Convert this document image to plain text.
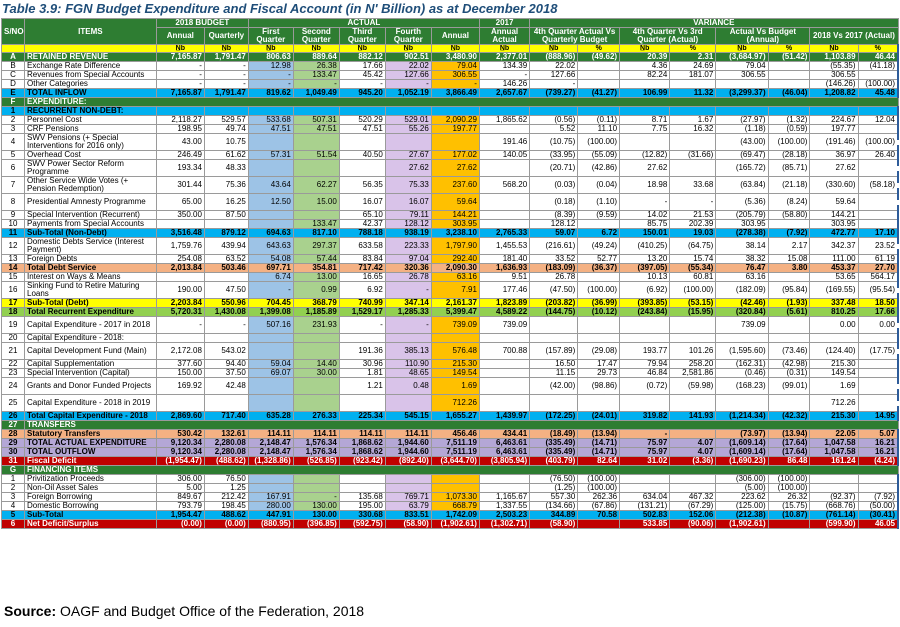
Table 3.9: FGN Budget Expenditure and Fiscal Account (in N' Billion) as at December 2018
S/NO	ITEMS	2018 BUDGET		ACTUAL					2017	VARIANCE							
		Annual	Quarterly	First Quarter	Second Quarter	Third Quarter	Fourth Quarter	Annual	Annual Actual	4th Quarter Actual Vs Quarterly Budget		4th Quarter Vs 3rd Quarter (Actual)		Actual Vs Budget (Annual)		2018 Vs 2017 (Actual)	
		N̲b	N̲b	N̲b	N̲b	N̲b	N̲b	N̲b	N̲b	N̲b	%	N̲b	%	N̲b	%	N̲b	%
A	RETAINED REVENUE	7,165.87	1,791.47	806.63	889.64	882.12	902.51	3,480.90	2,377.01	(888.96)	(49.62)	20.39	2.31	(3,684.97)	(51.42)	1,103.89	46.44
B	Exchange Rate Difference	-	-	12.98	26.38	17.66	22.02	79.04	134.39	22.02		4.36	24.69	79.04		(55.35)	(41.18)
C	Revenues from Special Accounts	-	-	-	133.47	45.42	127.66	306.55	-	127.66		82.24	181.07	306.55		306.55	
D	Other Categories	-	-	-	-	-	-	-	146.26	-						(146.26)	(100.00)
E	TOTAL INFLOW	7,165.87	1,791.47	819.62	1,049.49	945.20	1,052.19	3,866.49	2,657.67	(739.27)	(41.27)	106.99	11.32	(3,299.37)	(46.04)	1,208.82	45.48
F	EXPENDITURE:																
1	RECURRENT NON-DEBT:																
2	Personnel Cost	2,118.27	529.57	533.68	507.31	520.29	529.01	2,090.29	1,865.62	(0.56)	(0.11)	8.71	1.67	(27.97)	(1.32)	224.67	12.04
3	CRF Pensions	198.95	49.74	47.51	47.51	47.51	55.26	197.77		5.52	11.10	7.75	16.32	(1.18)	(0.59)	197.77	
4	SWV Pensions (+ Special Interventions for 2016 only)	43.00	10.75						191.46	(10.75)	(100.00)			(43.00)	(100.00)	(191.46)	(100.00)
5	Overhead Cost	246.49	61.62	57.31	51.54	40.50	27.67	177.02	140.05	(33.95)	(55.09)	(12.82)	(31.66)	(69.47)	(28.18)	36.97	26.40
6	SWV Power Sector Reform Programme	193.34	48.33				27.62	27.62		(20.71)	(42.86)	27.62		(165.72)	(85.71)	27.62	
7	Other Service Wide Votes (+ Pension Redemption)	301.44	75.36	43.64	62.27	56.35	75.33	237.60	568.20	(0.03)	(0.04)	18.98	33.68	(63.84)	(21.18)	(330.60)	(58.18)
8	Presidential Amnesty Programme	65.00	16.25	12.50	15.00	16.07	16.07	59.64		(0.18)	(1.10)	-	-	(5.36)	(8.24)	59.64	
9	Special Intervention (Recurrent)	350.00	87.50			65.10	79.11	144.21		(8.39)	(9.59)	14.02	21.53	(205.79)	(58.80)	144.21	
10	Payments from Special Accounts				133.47	42.37	128.12	303.95		128.12		85.75	202.39	303.95		303.95	
11	Sub-Total (Non-Debt)	3,516.48	879.12	694.63	817.10	788.18	938.19	3,238.10	2,765.33	59.07	6.72	150.01	19.03	(278.38)	(7.92)	472.77	17.10
12	Domestic Debts Service (Interest Payment)	1,759.76	439.94	643.63	297.37	633.58	223.33	1,797.90	1,455.53	(216.61)	(49.24)	(410.25)	(64.75)	38.14	2.17	342.37	23.52
13	Foreign Debts	254.08	63.52	54.08	57.44	83.84	97.04	292.40	181.40	33.52	52.77	13.20	15.74	38.32	15.08	111.00	61.19
14	Total Debt Service	2,013.84	503.46	697.71	354.81	717.42	320.36	2,090.30	1,636.93	(183.09)	(36.37)	(397.05)	(55.34)	76.47	3.80	453.37	27.70
15	Interest on Ways & Means			6.74	13.00	16.65	26.78	63.16	9.51	26.78		10.13	60.81	63.16		53.65	564.17
16	Sinking Fund to Retire Maturing Loans	190.00	47.50	-	0.99	6.92	-	7.91	177.46	(47.50)	(100.00)	(6.92)	(100.00)	(182.09)	(95.84)	(169.55)	(95.54)
17	Sub-Total (Debt)	2,203.84	550.96	704.45	368.79	740.99	347.14	2,161.37	1,823.89	(203.82)	(36.99)	(393.85)	(53.15)	(42.46)	(1.93)	337.48	18.50
18	Total Recurrent Expenditure	5,720.31	1,430.08	1,399.08	1,185.89	1,529.17	1,285.33	5,399.47	4,589.22	(144.75)	(10.12)	(243.84)	(15.95)	(320.84)	(5.61)	810.25	17.66
19	Capital Expenditure - 2017 in 2018	-	-	507.16	231.93	-	-	739.09	739.09					739.09		0.00	0.00
20	Capital Expenditure - 2018:																
21	Capital Development Fund (Main)	2,172.08	543.02			191.36	385.13	576.48	700.88	(157.89)	(29.08)	193.77	101.26	(1,595.60)	(73.46)	(124.40)	(17.75)
22	Capital Supplementation	377.60	94.40	59.04	14.40	30.96	110.90	215.30		16.50	17.47	79.94	258.20	(162.31)	(42.98)	215.30	
23	Special Intervention (Capital)	150.00	37.50	69.07	30.00	1.81	48.65	149.54		11.15	29.73	46.84	2,581.86	(0.46)	(0.31)	149.54	
24	Grants and Donor Funded Projects	169.92	42.48			1.21	0.48	1.69		(42.00)	(98.86)	(0.72)	(59.98)	(168.23)	(99.01)	1.69	
25	Capital Expenditure - 2018 in 2019							712.26								712.26	
26	Total Capital Expenditure - 2018	2,869.60	717.40	635.28	276.33	225.34	545.15	1,655.27	1,439.97	(172.25)	(24.01)	319.82	141.93	(1,214.34)	(42.32)	215.30	14.95
27	TRANSFERS																
28	Statutory Transfers	530.42	132.61	114.11	114.11	114.11	114.11	456.46	434.41	(18.49)	(13.94)	-		(73.97)	(13.94)	22.05	5.07
29	TOTAL ACTUAL EXPENDITURE	9,120.34	2,280.08	2,148.47	1,576.34	1,868.62	1,944.60	7,511.19	6,463.61	(335.49)	(14.71)	75.97	4.07	(1,609.14)	(17.64)	1,047.58	16.21
30	TOTAL OUTFLOW	9,120.34	2,280.08	2,148.47	1,576.34	1,868.62	1,944.60	7,511.19	6,463.61	(335.49)	(14.71)	75.97	4.07	(1,609.14)	(17.64)	1,047.58	16.21
31	Fiscal Deficit	(1,954.47)	(488.62)	(1,328.86)	(526.85)	(923.42)	(892.40)	(3,644.70)	(3,805.94)	(403.79)	82.64	31.02	(3.36)	(1,690.23)	86.48	161.24	(4.24)
G	FINANCING ITEMS																
1	Privitization Proceeds	306.00	76.50							(76.50)	(100.00)			(306.00)	(100.00)		
2	Non-Oil Asset Sales	5.00	1.25							(1.25)	(100.00)			(5.00)	(100.00)		
3	Foreign Borrowing	849.67	212.42	167.91	-	135.68	769.71	1,073.30	1,165.67	557.30	262.36	634.04	467.32	223.62	26.32	(92.37)	(7.92)
4	Domestic Borrowing	793.79	198.45	280.00	130.00	195.00	63.79	668.79	1,337.55	(134.66)	(67.86)	(131.21)	(67.29)	(125.00)	(15.75)	(668.76)	(50.00)
5	Sub-Total	1,954.47	488.62	447.91	130.00	330.68	833.51	1,742.09	2,503.23	344.89	70.58	502.83	152.06	(212.38)	(10.87)	(761.14)	(30.41)
6	Net Deficit/Surplus	(0.00)	(0.00)	(880.95)	(396.85)	(592.75)	(58.90)	(1,902.61)	(1,302.71)	(58.90)		533.85	(90.06)	(1,902.61)		(599.90)	46.05
Source: OAGF and Budget Office of the Federation, 2018
